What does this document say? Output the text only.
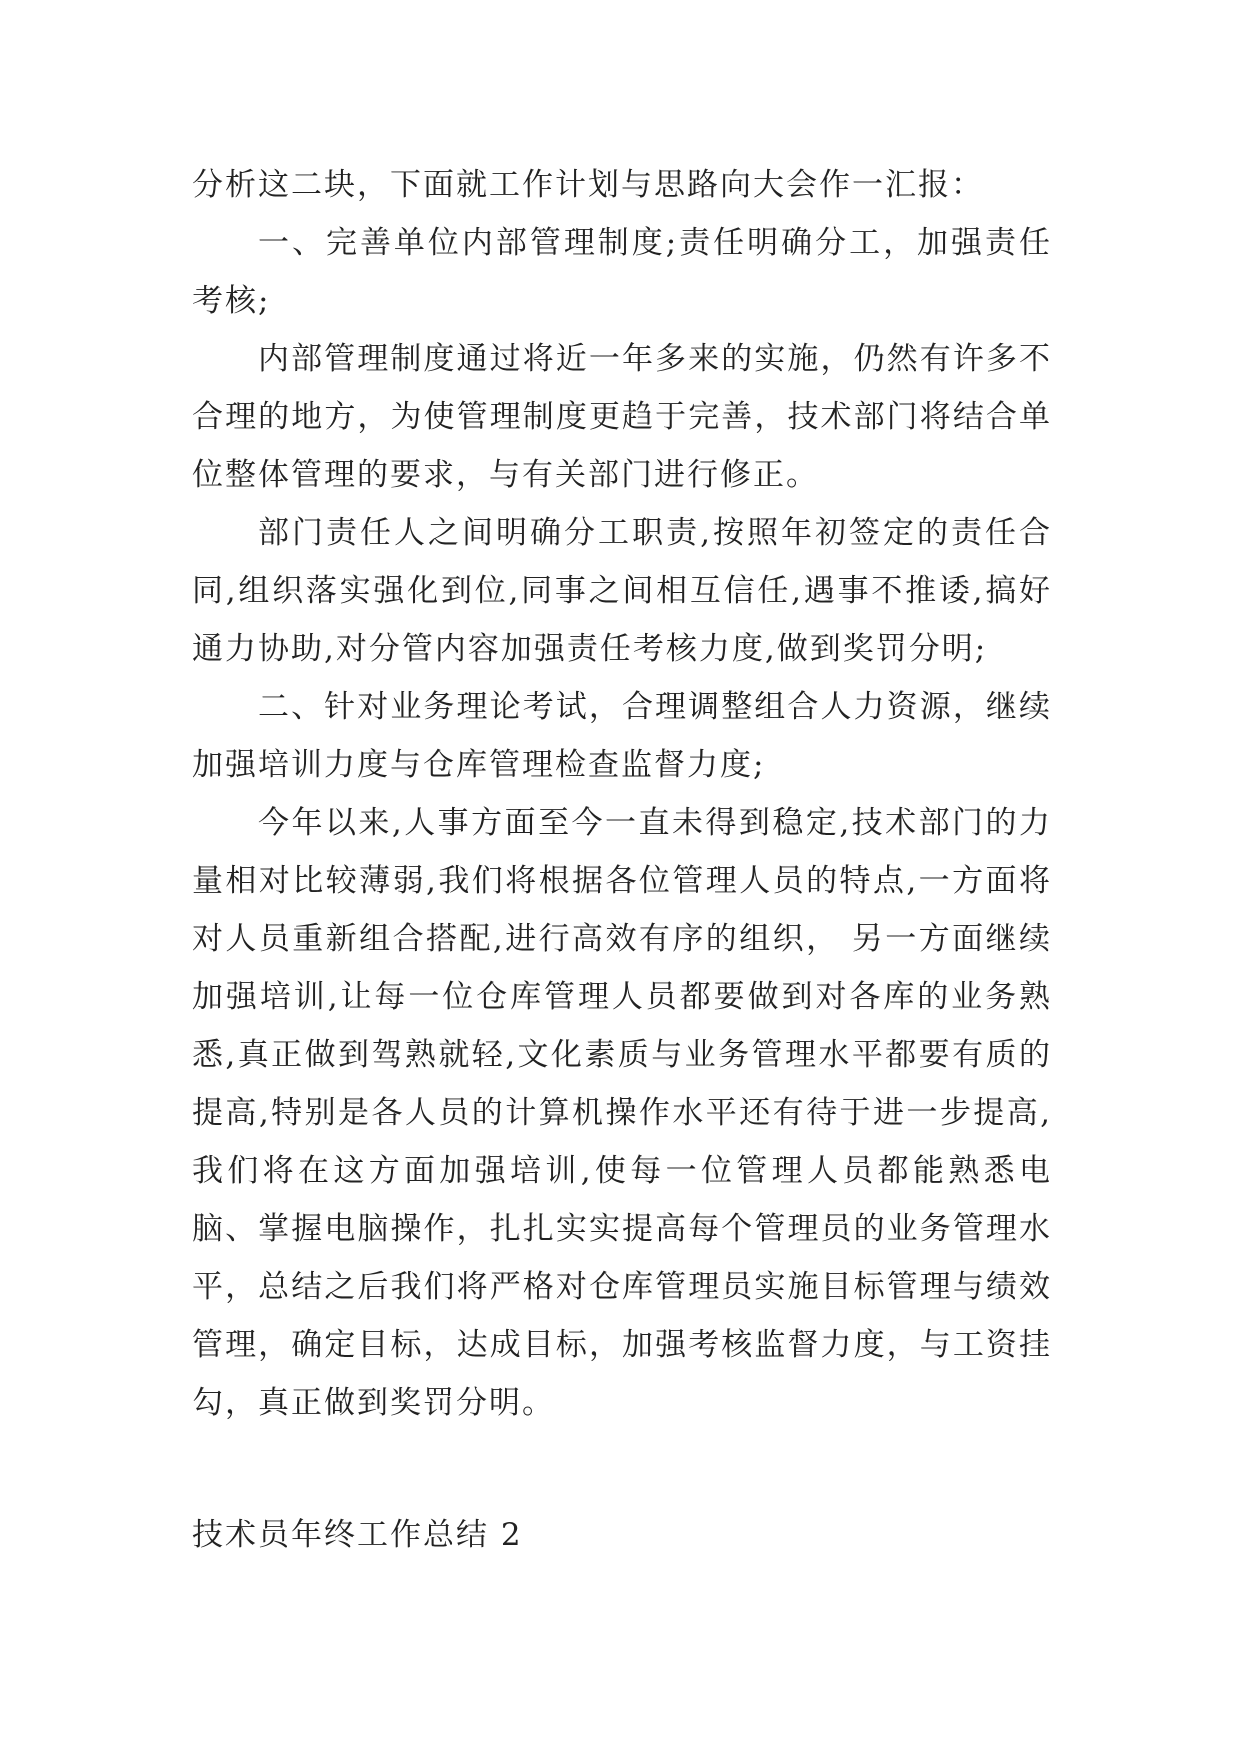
分析这二块，下面就工作计划与思路向大会作一汇报：

一、完善单位内部管理制度;责任明确分工，加强责任考核;

内部管理制度通过将近一年多来的实施，仍然有许多不合理的地方，为使管理制度更趋于完善，技术部门将结合单位整体管理的要求，与有关部门进行修正。

部门责任人之间明确分工职责,按照年初签定的责任合同,组织落实强化到位,同事之间相互信任,遇事不推诿,搞好通力协助,对分管内容加强责任考核力度,做到奖罚分明;

二、针对业务理论考试，合理调整组合人力资源，继续加强培训力度与仓库管理检查监督力度;

今年以来,人事方面至今一直未得到稳定,技术部门的力量相对比较薄弱,我们将根据各位管理人员的特点,一方面将对人员重新组合搭配,进行高效有序的组织， 另一方面继续加强培训,让每一位仓库管理人员都要做到对各库的业务熟悉,真正做到驾熟就轻,文化素质与业务管理水平都要有质的提高,特别是各人员的计算机操作水平还有待于进一步提高,我们将在这方面加强培训,使每一位管理人员都能熟悉电脑、掌握电脑操作，扎扎实实提高每个管理员的业务管理水平，总结之后我们将严格对仓库管理员实施目标管理与绩效管理，确定目标，达成目标，加强考核监督力度，与工资挂勾，真正做到奖罚分明。

技术员年终工作总结 2
